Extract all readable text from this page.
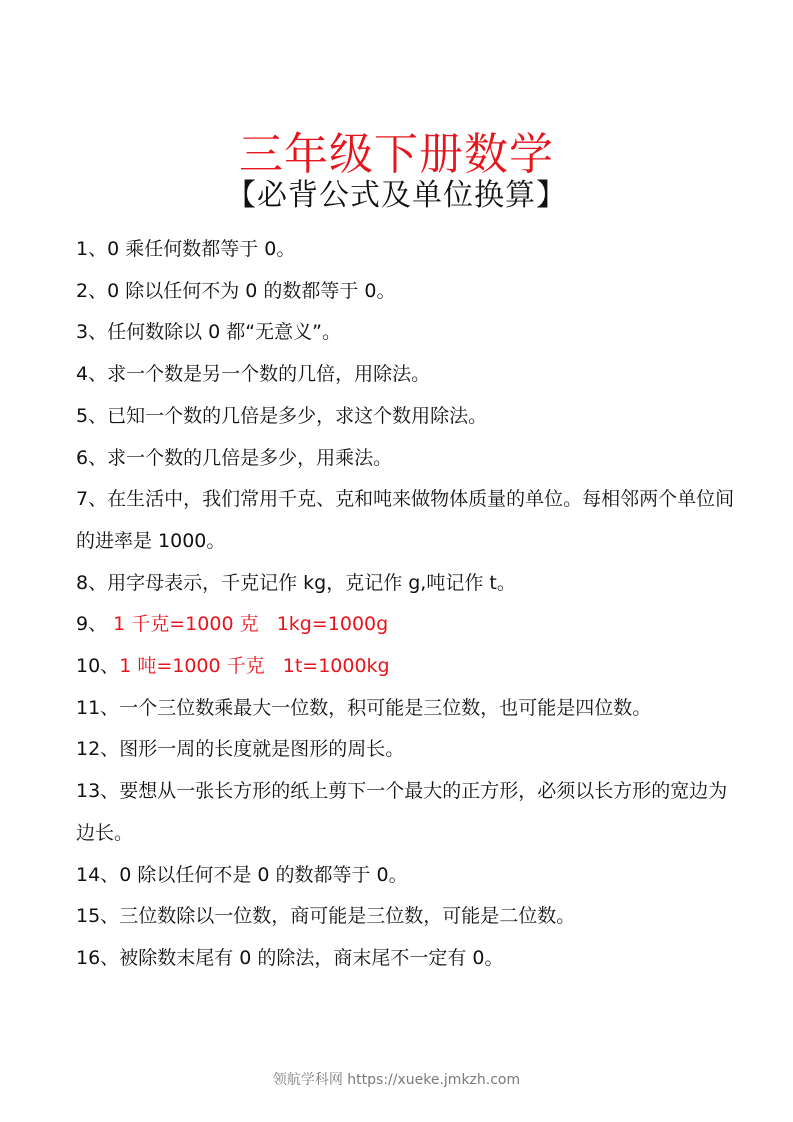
三年级下册数学
【必背公式及单位换算】
1、0 乘任何数都等于 0。
2、0 除以任何不为 0 的数都等于 0。
3、任何数除以 0 都“无意义”。
4、求一个数是另一个数的几倍，用除法。
5、已知一个数的几倍是多少，求这个数用除法。
6、求一个数的几倍是多少，用乘法。
7、在生活中，我们常用千克、克和吨来做物体质量的单位。每相邻两个单位间的进率是 1000。
8、用字母表示，千克记作 kg，克记作 g,吨记作 t。
9、 1 千克=1000 克   1kg=1000g
10、1 吨=1000 千克   1t=1000kg
11、一个三位数乘最大一位数，积可能是三位数，也可能是四位数。
12、图形一周的长度就是图形的周长。
13、要想从一张长方形的纸上剪下一个最大的正方形，必须以长方形的宽边为边长。
14、0 除以任何不是 0 的数都等于 0。
15、三位数除以一位数，商可能是三位数，可能是二位数。
16、被除数末尾有 0 的除法，商末尾不一定有 0。
领航学科网 https://xueke.jmkzh.com
